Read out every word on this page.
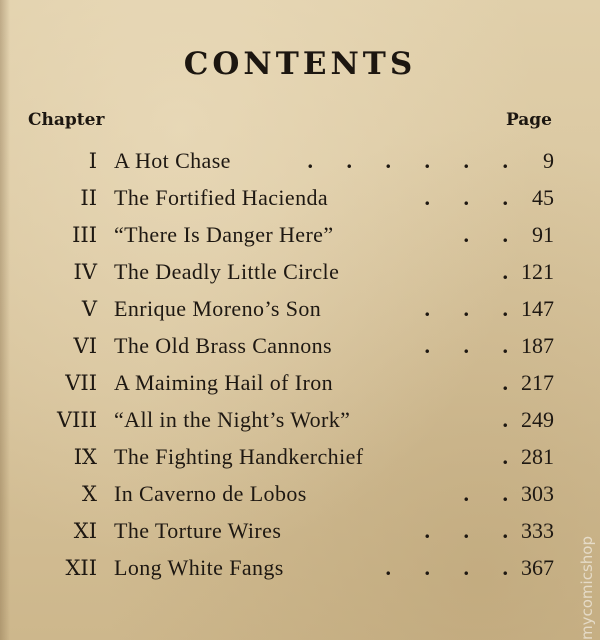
CONTENTS
Chapter	Page
I A Hot Chase	. . . . . . 9
II The Fortified Hacienda	. . . 45
III “There Is Danger Here”	. . 91
IV The Deadly Little Circle	. 121
V Enrique Moreno’s Son	. . . 147
VI The Old Brass Cannons	. . . 187
VII A Maiming Hail of Iron	. 217
VIII “All in the Night’s Work”	. 249
IX The Fighting Handkerchief	. 281
X In Caverno de Lobos	. . 303
XI The Torture Wires	. . . 333
XII Long White Fangs	. . . . 367 mycomicshop
